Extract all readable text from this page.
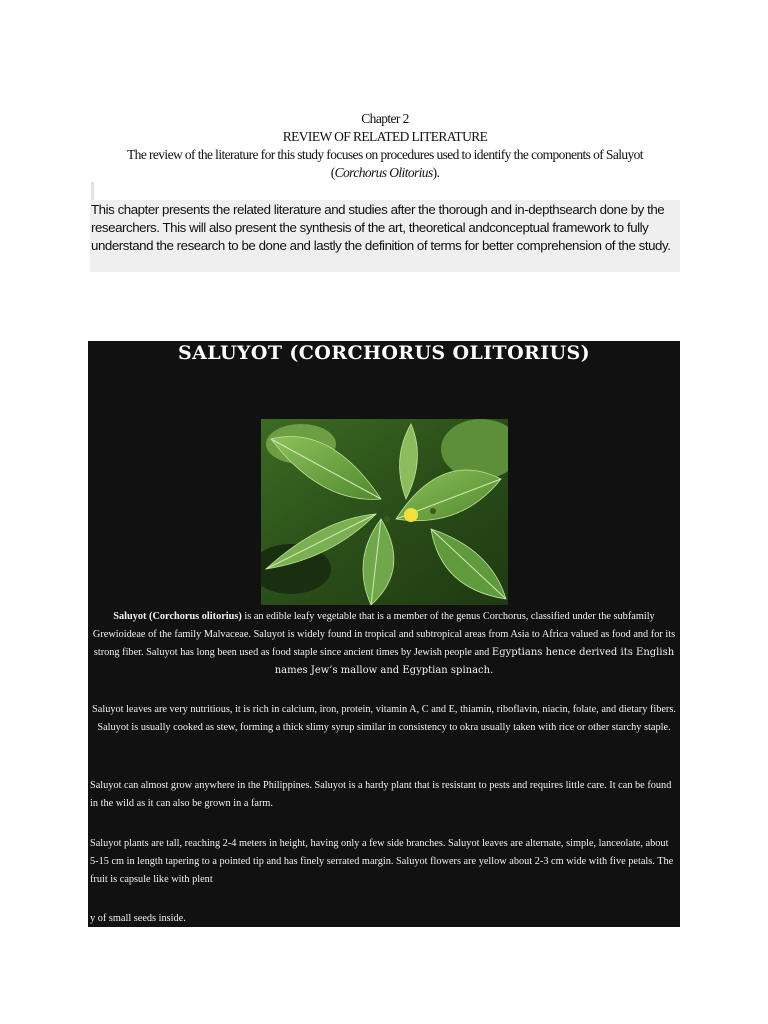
Chapter 2
REVIEW OF RELATED LITERATURE
The review of the literature for this study focuses on procedures used to identify the components of Saluyot
(Corchorus Olitorius).
This chapter presents the related literature and studies after the thorough and in-depthsearch done by the researchers. This will also present the synthesis of the art, theoretical andconceptual framework to fully understand the research to be done and lastly the definition of terms for better comprehension of the study.
SALUYOT (CORCHORUS OLITORIUS)
Saluyot (Corchorus olitorius) is an edible leafy vegetable that is a member of the genus Corchorus, classified under the subfamily Grewioideae of the family Malvaceae. Saluyot is widely found in tropical and subtropical areas from Asia to Africa valued as food and for its strong fiber. Saluyot has long been used as food staple since ancient times by Jewish people and Egyptians hence derived its English names Jew’s mallow and Egyptian spinach.
Saluyot leaves are very nutritious, it is rich in calcium, iron, protein, vitamin A, C and E, thiamin, riboflavin, niacin, folate, and dietary fibers. Saluyot is usually cooked as stew, forming a thick slimy syrup similar in consistency to okra usually taken with rice or other starchy staple.
Saluyot can almost grow anywhere in the Philippines. Saluyot is a hardy plant that is resistant to pests and requires little care. It can be found in the wild as it can also be grown in a farm.
Saluyot plants are tall, reaching 2-4 meters in height, having only a few side branches. Saluyot leaves are alternate, simple, lanceolate, about 5-15 cm in length tapering to a pointed tip and has finely serrated margin. Saluyot flowers are yellow about 2-3 cm wide with five petals. The fruit is capsule like with plent
y of small seeds inside.
